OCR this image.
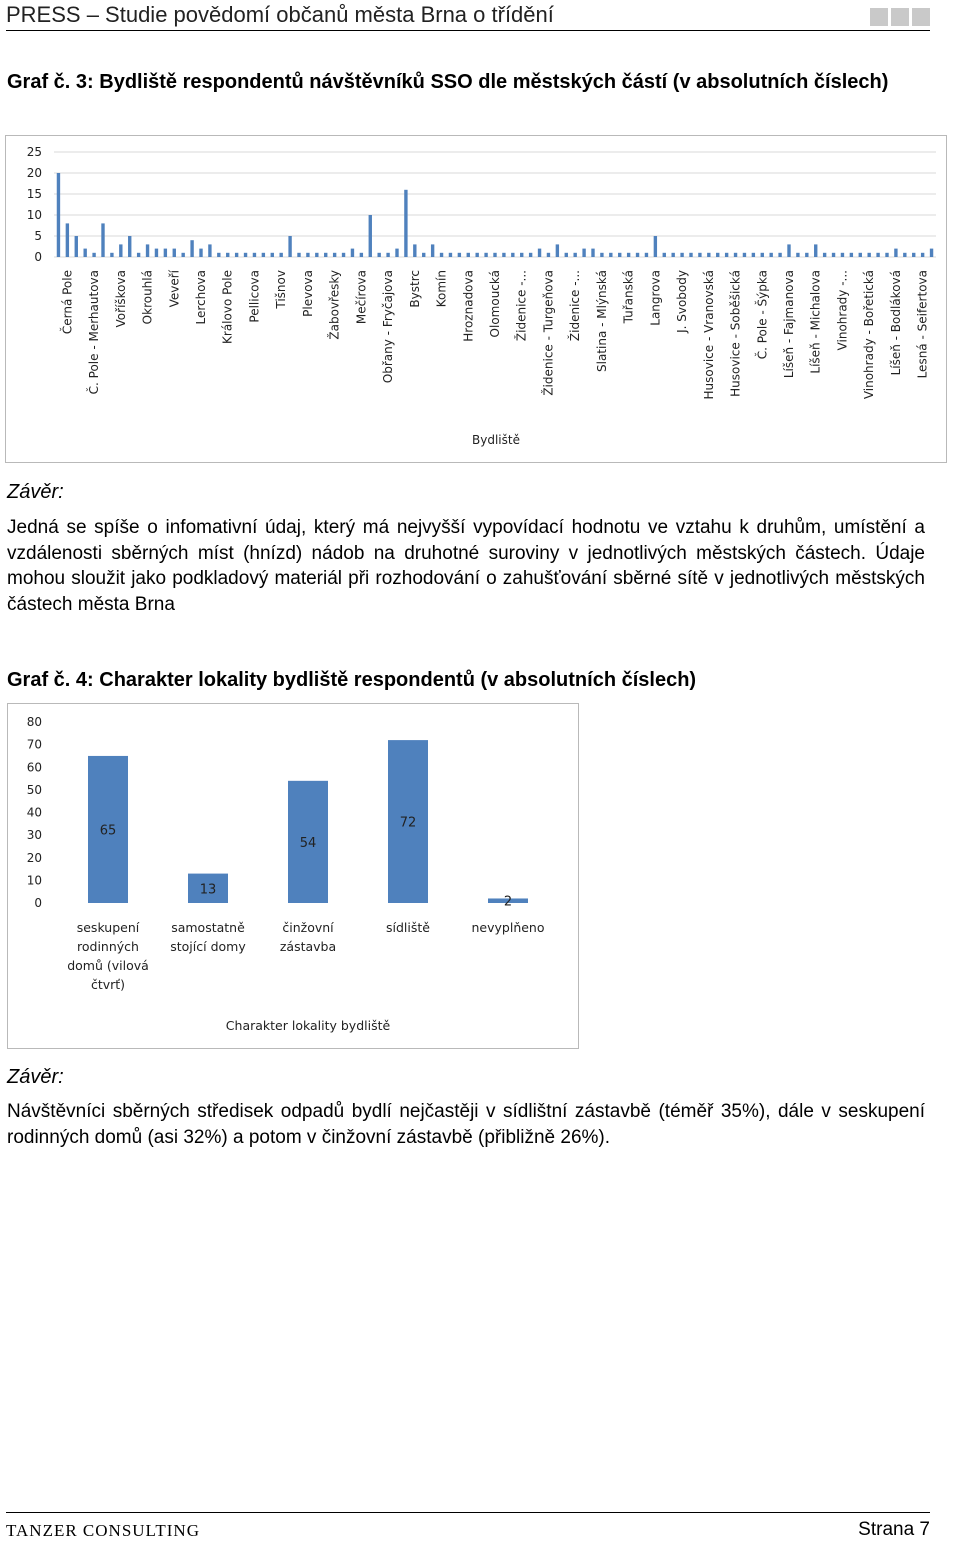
PRESS – Studie povědomí občanů města Brna o třídění
Graf č. 3: Bydliště respondentů návštěvníků SSO dle městských částí (v absolutních číslech)
25
20
15
10
5
0
Černá Pole Č. Pole - Merhautova Voříškova Okrouhlá Veveří Lerchova Královo Pole Pellicova Tišnov Plevova Žabovřesky Mečírova Obřany - Fryčajova Bystrc Komín Hroznadova Olomoucká Židenice -... Židenice - Turgeňova Židenice -... Slatina - Mlýnská Tuřanská Langrova J. Svobody Husovice - Vranovská Husovice - Soběšická Č. Pole - Šýpka Líšeň - Fajmanova Líšeň - Michalova Vinohrady -... Vinohrady - Bořetická Líšeň - Bodláková Lesná - Seifertova
Bydliště
Závěr:
Jedná se spíše o infomativní údaj, který má nejvyšší vypovídací hodnotu ve vztahu k druhům, umístění a vzdálenosti sběrných míst (hnízd) nádob na druhotné suroviny v jednotlivých městských částech. Údaje mohou sloužit jako podkladový materiál při rozhodování o zahušťování sběrné sítě v jednotlivých městských částech města Brna
Graf č. 4: Charakter lokality bydliště respondentů (v absolutních číslech)
80
70
60
50
40
30
20
10
0
65
seskupení
rodinných
domů (vilová
čtvrť)
13
samostatně
stojící domy
54
činžovní
zástavba
72
sídliště
2
nevyplňeno
Charakter lokality bydliště
Závěr:
Návštěvníci sběrných středisek odpadů bydlí nejčastěji v sídlištní zástavbě (téměř 35%), dále v seskupení rodinných domů (asi 32%) a potom v činžovní zástavbě (přibližně 26%).
TANZER CONSULTING	Strana 7
